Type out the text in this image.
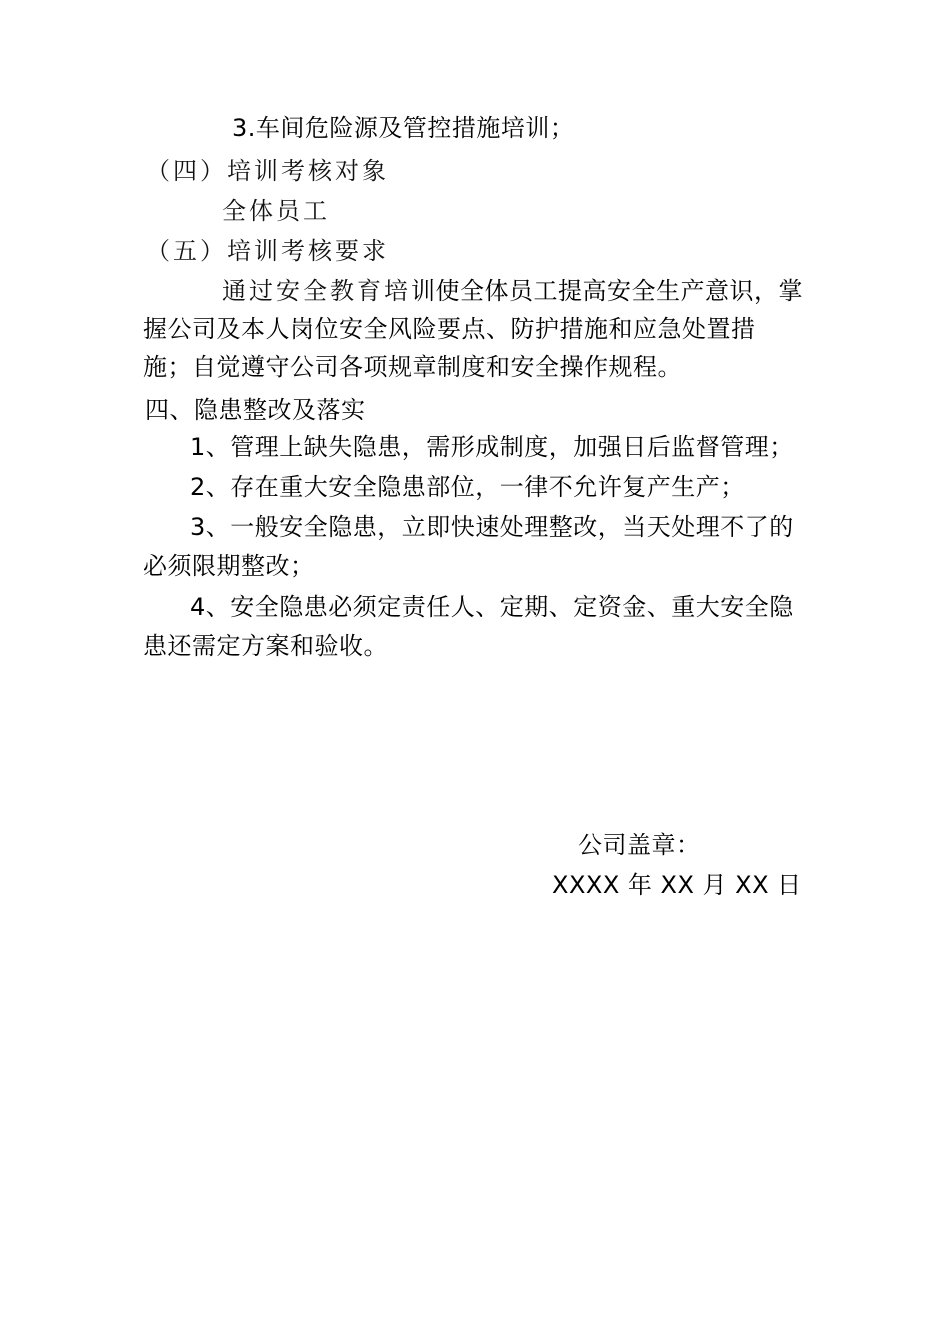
3.车间危险源及管控措施培训；
（四）培训考核对象
全体员工
（五）培训考核要求
通过安全教育培训使全体员工提高安全生产意识，掌
握公司及本人岗位安全风险要点、防护措施和应急处置措
施；自觉遵守公司各项规章制度和安全操作规程。
四、隐患整改及落实
1、管理上缺失隐患，需形成制度，加强日后监督管理；
2、存在重大安全隐患部位，一律不允许复产生产；
3、一般安全隐患，立即快速处理整改，当天处理不了的
必须限期整改；
4、安全隐患必须定责任人、定期、定资金、重大安全隐
患还需定方案和验收。
公司盖章：
XXXX 年 XX 月 XX 日
